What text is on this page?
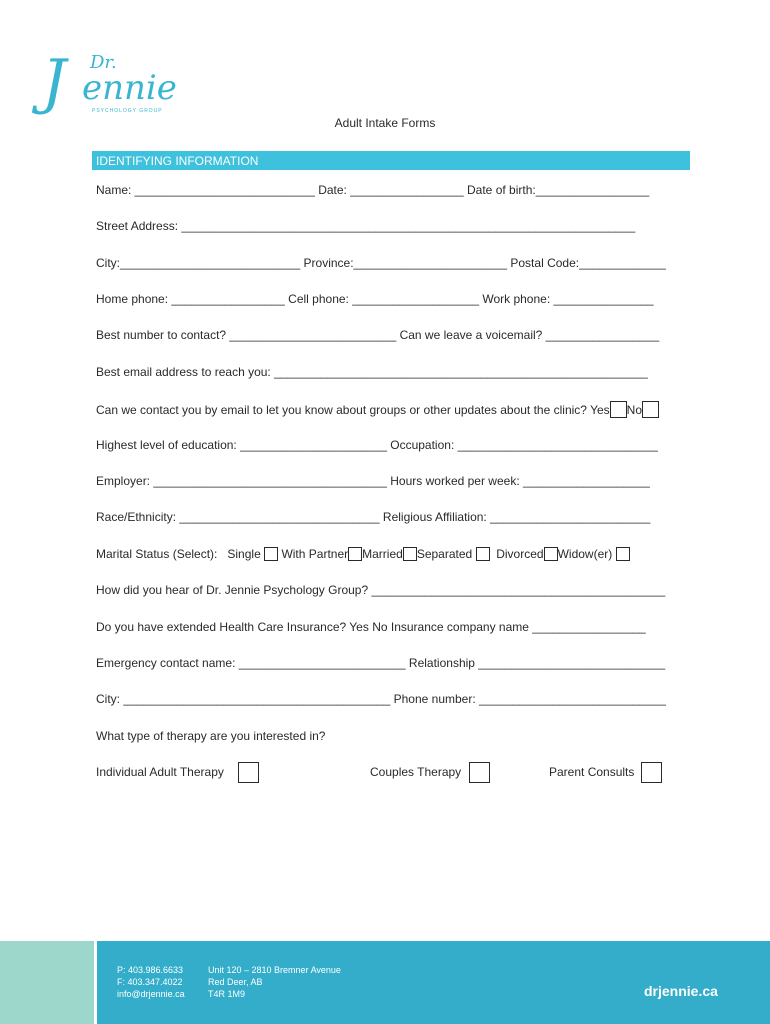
J Dr.
ennie
PSYCHOLOGY GROUP
Adult Intake Forms
IDENTIFYING INFORMATION
Name: ___________________________ Date: _________________ Date of birth:_________________
Street Address: ____________________________________________________________________
City:___________________________ Province:_______________________ Postal Code:_____________
Home phone: _________________ Cell phone: ___________________ Work phone: _______________
Best number to contact? _________________________ Can we leave a voicemail? _________________
Best email address to reach you: ________________________________________________________
Can we contact you by email to let you know about groups or other updates about the clinic? Yes No
Highest level of education: ______________________ Occupation: ______________________________
Employer: ___________________________________ Hours worked per week: ___________________
Race/Ethnicity: ______________________________ Religious Affiliation: ________________________
Marital Status (Select): Single With Partner Married Separated Divorced Widow(er)
How did you hear of Dr. Jennie Psychology Group? ____________________________________________
Do you have extended Health Care Insurance? Yes No Insurance company name _________________
Emergency contact name: _________________________ Relationship ____________________________
City: ________________________________________ Phone number: ____________________________
What type of therapy are you interested in?
Individual Adult Therapy	Couples Therapy	Parent Consults
P: 403.986.6633
F: 403.347.4022
info@drjennie.ca
Unit 120 – 2810 Bremner Avenue
Red Deer, AB
T4R 1M9	drjennie.ca
